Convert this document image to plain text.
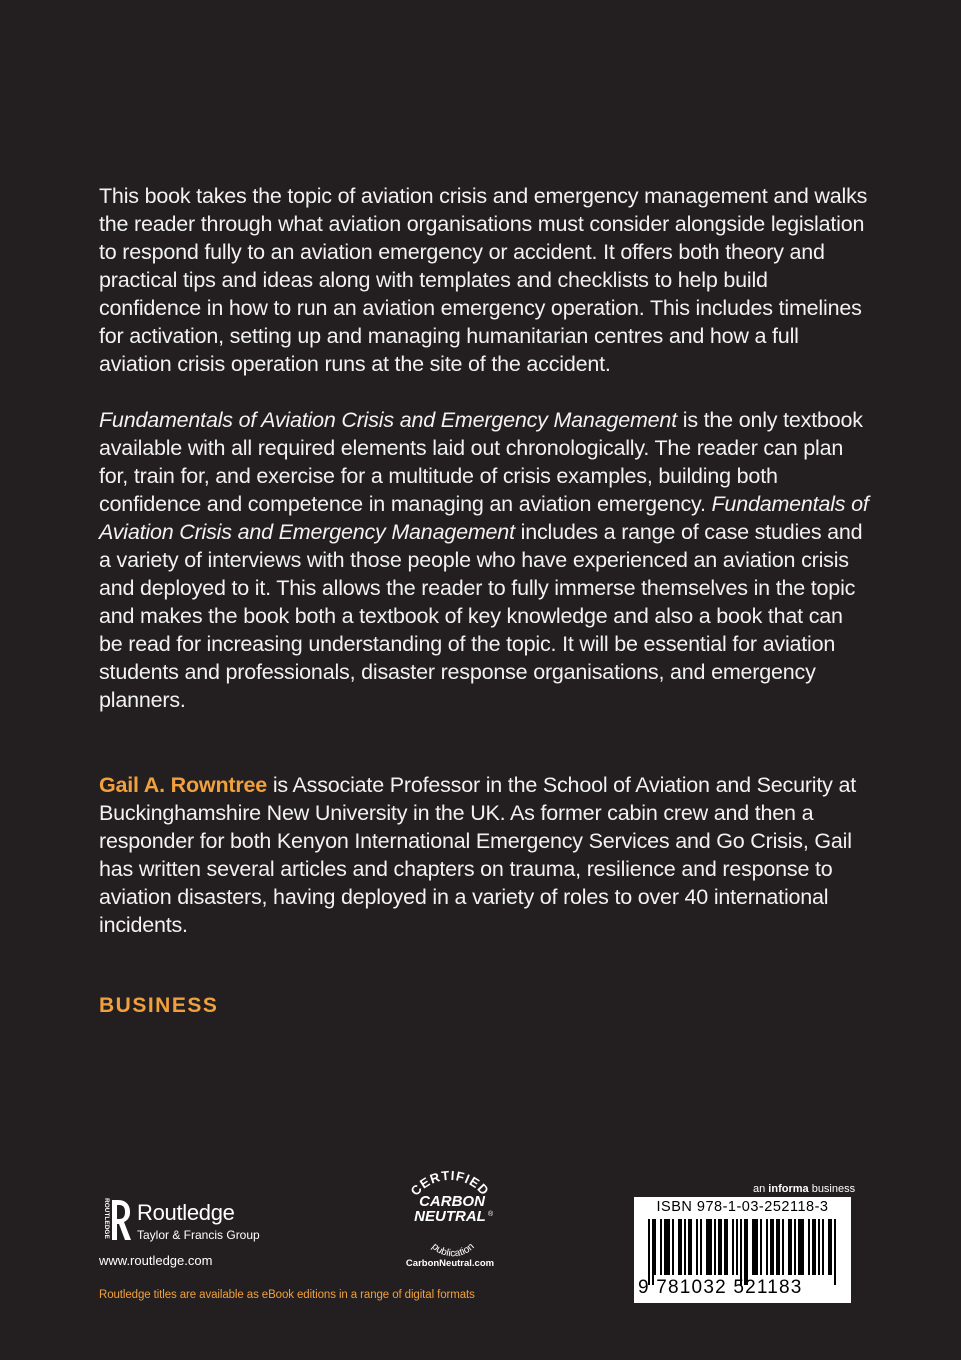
This book takes the topic of aviation crisis and emergency management and walks the reader through what aviation organisations must consider alongside legislation to respond fully to an aviation emergency or accident. It offers both theory and practical tips and ideas along with templates and checklists to help build confidence in how to run an aviation emergency operation. This includes timelines for activation, setting up and managing humanitarian centres and how a full aviation crisis operation runs at the site of the accident.

Fundamentals of Aviation Crisis and Emergency Management is the only textbook available with all required elements laid out chronologically. The reader can plan for, train for, and exercise for a multitude of crisis examples, building both confidence and competence in managing an aviation emergency. Fundamentals of Aviation Crisis and Emergency Management includes a range of case studies and a variety of interviews with those people who have experienced an aviation crisis and deployed to it. This allows the reader to fully immerse themselves in the topic and makes the book both a textbook of key knowledge and also a book that can be read for increasing understanding of the topic. It will be essential for aviation students and professionals, disaster response organisations, and emergency planners.

Gail A. Rowntree is Associate Professor in the School of Aviation and Security at Buckinghamshire New University in the UK. As former cabin crew and then a responder for both Kenyon International Emergency Services and Go Crisis, Gail has written several articles and chapters on trauma, resilience and response to aviation disasters, having deployed in a variety of roles to over 40 international incidents.

BUSINESS
ROUTLEDGE Routledge
Taylor & Francis Group
www.routledge.com
Routledge titles are available as eBook editions in a range of digital formats
CERTIFIED
CARBON
NEUTRAL ®
publication
CarbonNeutral.com
an informa business
ISBN 978-1-03-252118-3
9 781032 521183
